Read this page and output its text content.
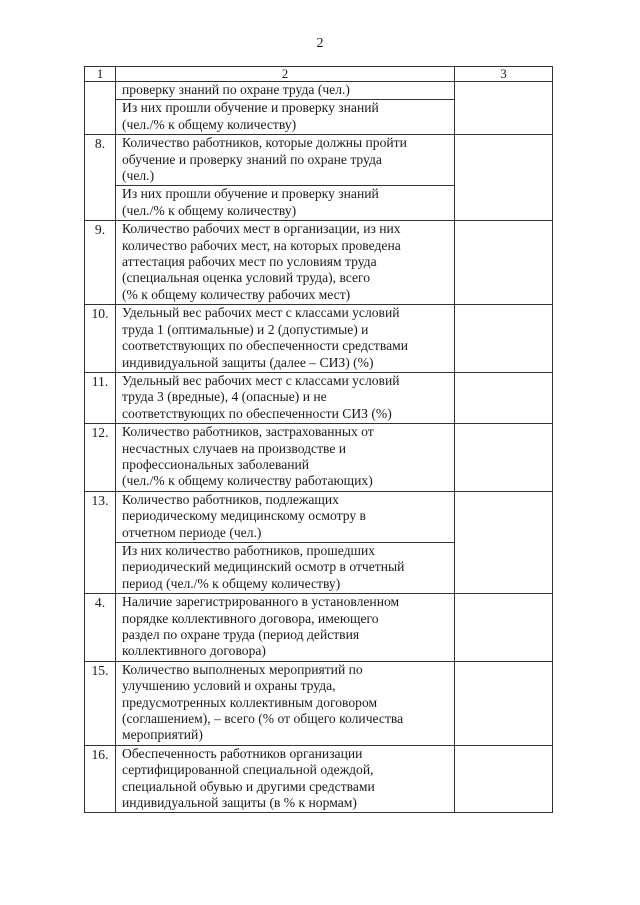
2
1	2	3
	проверку знаний по охране труда (чел.)	
	Из них прошли обучение и проверку знаний
(чел./% к общему количеству)	
8.	Количество работников, которые должны пройти
обучение и проверку знаний по охране труда
(чел.)	
	Из них прошли обучение и проверку знаний
(чел./% к общему количеству)	
9.	Количество рабочих мест в организации, из них
количество рабочих мест, на которых проведена
аттестация рабочих мест по условиям труда
(специальная оценка условий труда), всего
(% к общему количеству рабочих мест)	
10.	Удельный вес рабочих мест с классами условий
труда 1 (оптимальные) и 2 (допустимые) и
соответствующих по обеспеченности средствами
индивидуальной защиты (далее – СИЗ) (%)	
11.	Удельный вес рабочих мест с классами условий
труда 3 (вредные), 4 (опасные) и не
соответствующих по обеспеченности СИЗ (%)	
12.	Количество работников, застрахованных от
несчастных случаев на производстве и
профессиональных заболеваний
(чел./% к общему количеству работающих)	
13.	Количество работников, подлежащих
периодическому медицинскому осмотру в
отчетном периоде (чел.)	
	Из них количество работников, прошедших
периодический медицинский осмотр в отчетный
период (чел./% к общему количеству)	
4.	Наличие зарегистрированного в установленном
порядке коллективного договора, имеющего
раздел по охране труда (период действия
коллективного договора)	
15.	Количество выполненых мероприятий по
улучшению условий и охраны труда,
предусмотренных коллективным договором
(соглашением), – всего (% от общего количества
мероприятий)	
16.	Обеспеченность работников организации
сертифицированной специальной одеждой,
специальной обувью и другими средствами
индивидуальной защиты (в % к нормам)	
